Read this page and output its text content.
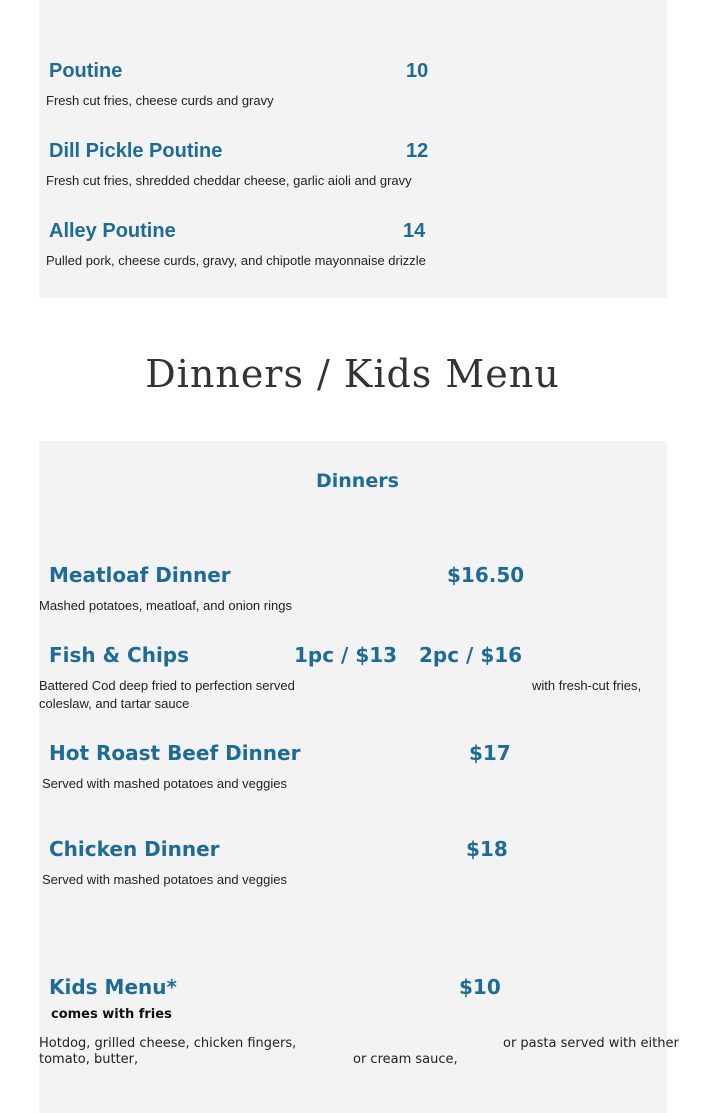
Poutine	10
Fresh cut fries, cheese curds and gravy
Dill Pickle Poutine	12
Fresh cut fries, shredded cheddar cheese, garlic aioli and gravy
Alley Poutine	14
Pulled pork, cheese curds, gravy, and chipotle mayonnaise drizzle
Dinners / Kids Menu
Dinners
Meatloaf Dinner	$16.50
Mashed potatoes, meatloaf, and onion rings
Fish & Chips	1pc / $13 2pc / $16
Battered Cod deep fried to perfection served	with fresh-cut fries,
coleslaw, and tartar sauce
Hot Roast Beef Dinner	$17
Served with mashed potatoes and veggies
Chicken Dinner	$18
Served with mashed potatoes and veggies
Kids Menu*	$10
comes with fries
Hotdog, grilled cheese, chicken fingers,	or pasta served with either
tomato, butter,	or cream sauce,
